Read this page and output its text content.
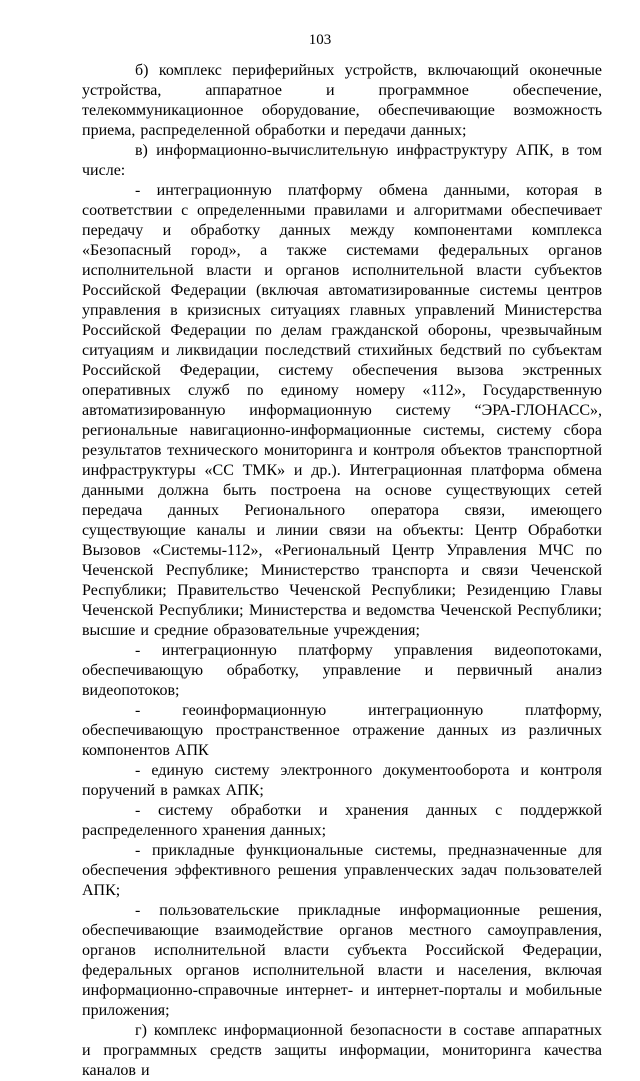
103

б) комплекс периферийных устройств, включающий оконечные устройства, аппаратное и программное обеспечение, телекоммуникационное оборудование, обеспечивающие возможность приема, распределенной обработки и передачи данных;

в) информационно-вычислительную инфраструктуру АПК, в том числе:

- интеграционную платформу обмена данными, которая в соответствии с определенными правилами и алгоритмами обеспечивает передачу и обработку данных между компонентами комплекса «Безопасный город», а также системами федеральных органов исполнительной власти и органов исполнительной власти субъектов Российской Федерации (включая автоматизированные системы центров управления в кризисных ситуациях главных управлений Министерства Российской Федерации по делам гражданской обороны, чрезвычайным ситуациям и ликвидации последствий стихийных бедствий по субъектам Российской Федерации, систему обеспечения вызова экстренных оперативных служб по единому номеру «112», Государственную автоматизированную информационную систему “ЭРА-ГЛОНАСС», региональные навигационно-информационные системы, систему сбора результатов технического мониторинга и контроля объектов транспортной инфраструктуры «СС ТМК» и др.). Интеграционная платформа обмена данными должна быть построена на основе существующих сетей передача данных Регионального оператора связи, имеющего существующие каналы и линии связи на объекты: Центр Обработки Вызовов «Системы-112», «Региональный Центр Управления МЧС по Чеченской Республике; Министерство транспорта и связи Чеченской Республики; Правительство Чеченской Республики; Резиденцию Главы Чеченской Республики; Министерства и ведомства Чеченской Республики; высшие и средние образовательные учреждения;

- интеграционную платформу управления видеопотоками, обеспечивающую обработку, управление и первичный анализ видеопотоков;

- геоинформационную интеграционную платформу, обеспечивающую пространственное отражение данных из различных компонентов АПК

- единую систему электронного документооборота и контроля поручений в рамках АПК;

- систему обработки и хранения данных с поддержкой распределенного хранения данных;

- прикладные функциональные системы, предназначенные для обеспечения эффективного решения управленческих задач пользователей АПК;

- пользовательские прикладные информационные решения, обеспечивающие взаимодействие органов местного самоуправления, органов исполнительной власти субъекта Российской Федерации, федеральных органов исполнительной власти и населения, включая информационно-справочные интернет- и интернет-порталы и мобильные приложения;

г) комплекс информационной безопасности в составе аппаратных и программных средств защиты информации, мониторинга качества каналов и
